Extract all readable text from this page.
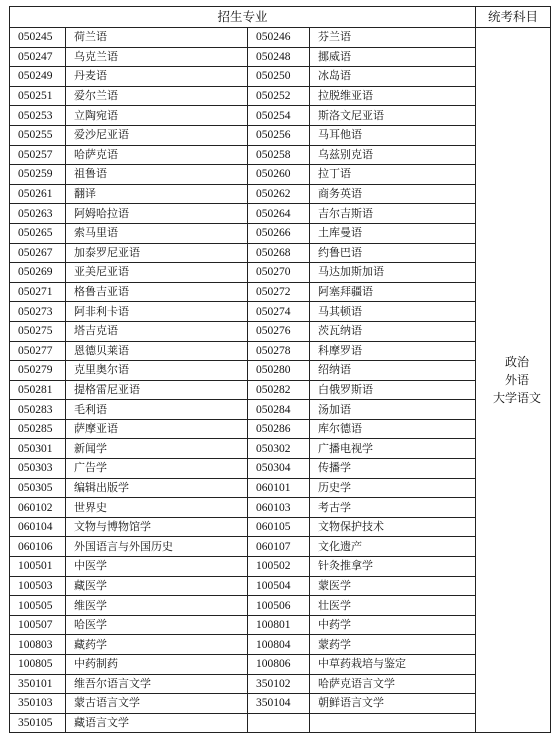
招生专业				统考科目
050245	荷兰语	050246	芬兰语	政治
外语
大学语文

050247	乌克兰语	050248	挪威语	
050249	丹麦语	050250	冰岛语	
050251	爱尔兰语	050252	拉脱维亚语	
050253	立陶宛语	050254	斯洛文尼亚语	
050255	爱沙尼亚语	050256	马耳他语	
050257	哈萨克语	050258	乌兹别克语	
050259	祖鲁语	050260	拉丁语	
050261	翻译	050262	商务英语	
050263	阿姆哈拉语	050264	吉尔吉斯语	
050265	索马里语	050266	土库曼语	
050267	加泰罗尼亚语	050268	约鲁巴语	
050269	亚美尼亚语	050270	马达加斯加语	
050271	格鲁吉亚语	050272	阿塞拜疆语	
050273	阿非利卡语	050274	马其顿语	
050275	塔吉克语	050276	茨瓦纳语	
050277	恩德贝莱语	050278	科摩罗语	
050279	克里奥尔语	050280	绍纳语	
050281	提格雷尼亚语	050282	白俄罗斯语	
050283	毛利语	050284	汤加语	
050285	萨摩亚语	050286	库尔德语	
050301	新闻学	050302	广播电视学	
050303	广告学	050304	传播学	
050305	编辑出版学	060101	历史学	
060102	世界史	060103	考古学	
060104	文物与博物馆学	060105	文物保护技术	
060106	外国语言与外国历史	060107	文化遗产	
100501	中医学	100502	针灸推拿学	
100503	藏医学	100504	蒙医学	
100505	维医学	100506	壮医学	
100507	哈医学	100801	中药学	
100803	藏药学	100804	蒙药学	
100805	中药制药	100806	中草药栽培与鉴定	
350101	维吾尔语言文学	350102	哈萨克语言文学	
350103	蒙古语言文学	350104	朝鲜语言文学	
350105	藏语言文学			
